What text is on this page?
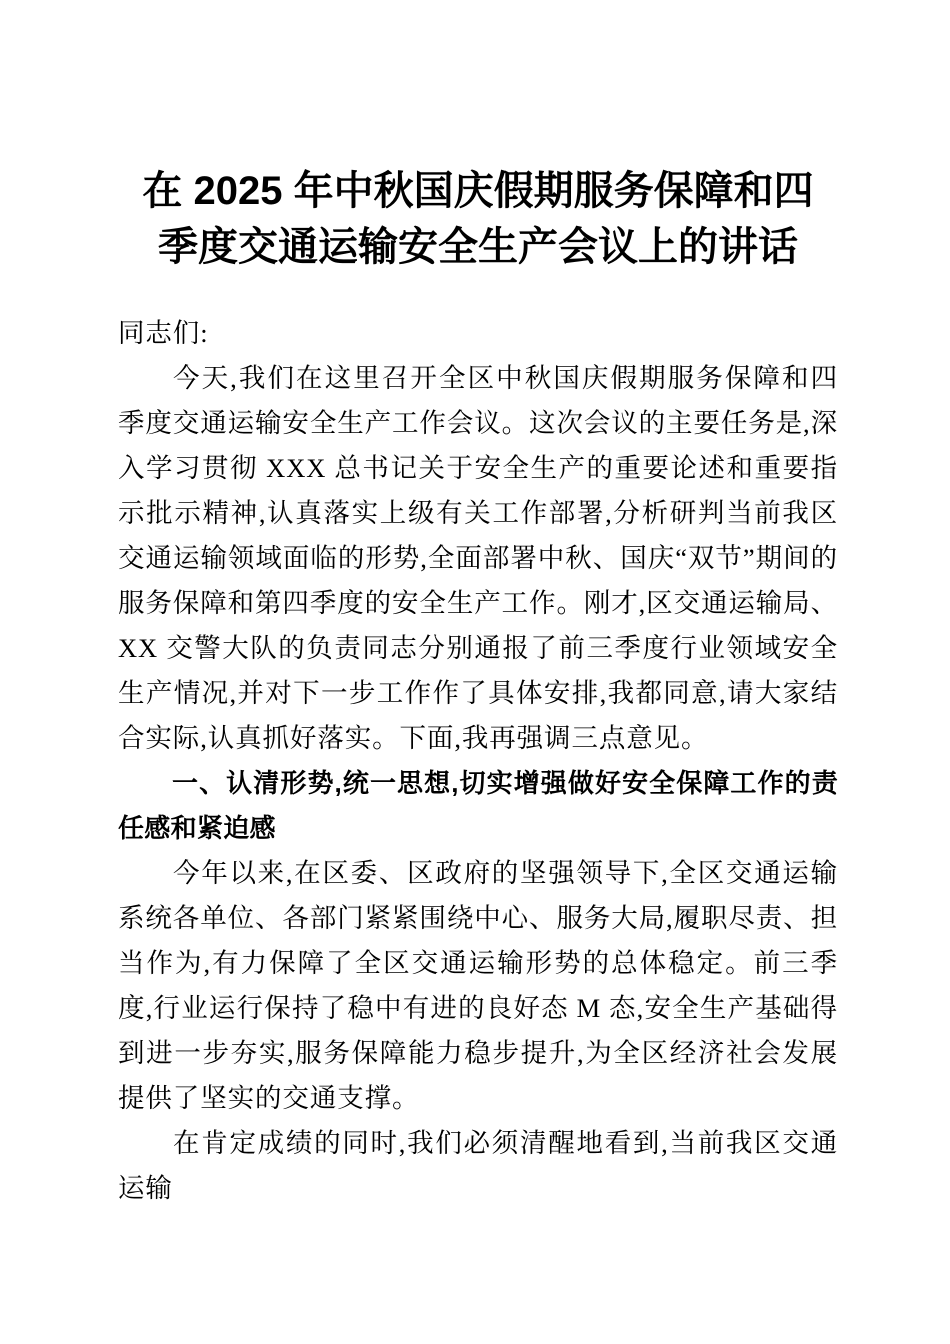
在 2025 年中秋国庆假期服务保障和四
季度交通运输安全生产会议上的讲话

同志们:

今天,我们在这里召开全区中秋国庆假期服务保障和四季度交通运输安全生产工作会议。这次会议的主要任务是,深入学习贯彻 XXX 总书记关于安全生产的重要论述和重要指示批示精神,认真落实上级有关工作部署,分析研判当前我区交通运输领域面临的形势,全面部署中秋、国庆“双节”期间的服务保障和第四季度的安全生产工作。刚才,区交通运输局、XX 交警大队的负责同志分别通报了前三季度行业领域安全生产情况,并对下一步工作作了具体安排,我都同意,请大家结合实际,认真抓好落实。下面,我再强调三点意见。

一、认清形势,统一思想,切实增强做好安全保障工作的责任感和紧迫感

今年以来,在区委、区政府的坚强领导下,全区交通运输系统各单位、各部门紧紧围绕中心、服务大局,履职尽责、担当作为,有力保障了全区交通运输形势的总体稳定。前三季度,行业运行保持了稳中有进的良好态 M 态,安全生产基础得到进一步夯实,服务保障能力稳步提升,为全区经济社会发展提供了坚实的交通支撑。

在肯定成绩的同时,我们必须清醒地看到,当前我区交通运输
